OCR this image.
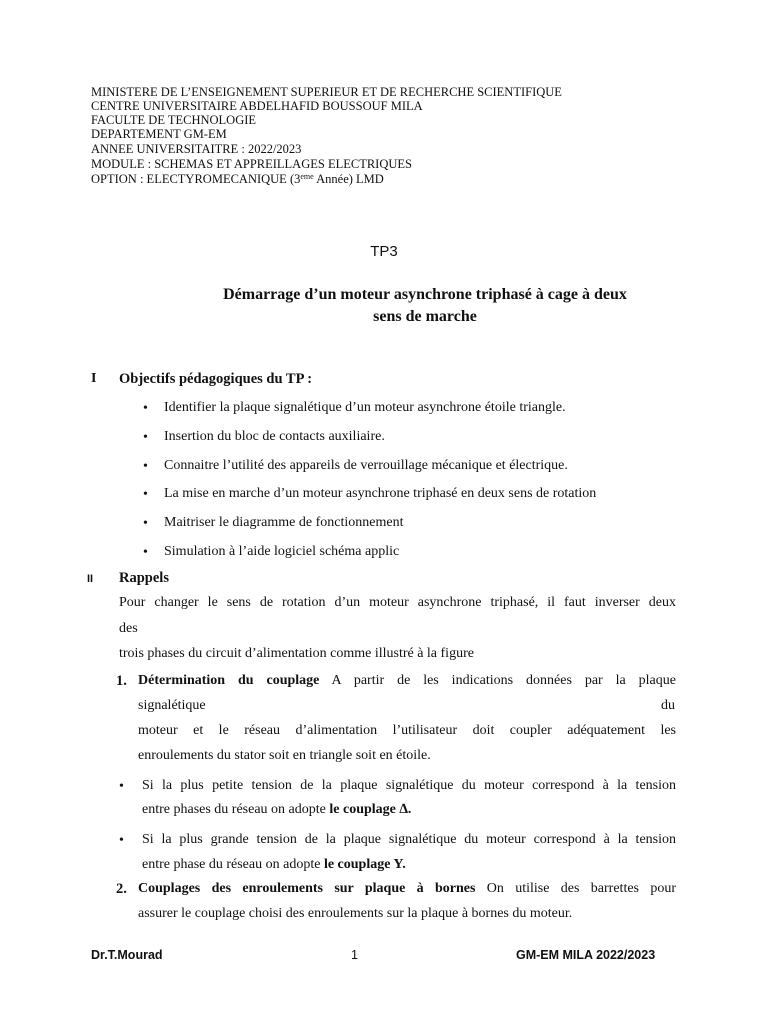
MINISTERE DE L’ENSEIGNEMENT SUPERIEUR ET DE RECHERCHE SCIENTIFIQUE
CENTRE UNIVERSITAIRE ABDELHAFID BOUSSOUF MILA
FACULTE DE TECHNOLOGIE
DEPARTEMENT GM-EM
ANNEE UNIVERSITAITRE : 2022/2023
MODULE : SCHEMAS ET APPREILLAGES ELECTRIQUES
OPTION : ELECTYROMECANIQUE (3eme Année) LMD
TP3
Démarrage d’un moteur asynchrone triphasé à cage à deux
sens de marche
I Objectifs pédagogiques du TP :
• Identifier la plaque signalétique d’un moteur asynchrone étoile triangle.
• Insertion du bloc de contacts auxiliaire.
• Connaitre l’utilité des appareils de verrouillage mécanique et électrique.
• La mise en marche d’un moteur asynchrone triphasé en deux sens de rotation
• Maitriser le diagramme de fonctionnement
• Simulation à l’aide logiciel schéma applic
II Rappels
Pour changer le sens de rotation d’un moteur asynchrone triphasé, il faut inverser deux
des
trois phases du circuit d’alimentation comme illustré à la figure
1. Détermination du couplage A partir de les indications données par la plaque
signalétique	du
moteur et le réseau d’alimentation l’utilisateur doit coupler adéquatement les
enroulements du stator soit en triangle soit en étoile.
• Si la plus petite tension de la plaque signalétique du moteur correspond à la tension
entre phases du réseau on adopte le couplage ∆.
• Si la plus grande tension de la plaque signalétique du moteur correspond à la tension
entre phase du réseau on adopte le couplage Y.
2. Couplages des enroulements sur plaque à bornes On utilise des barrettes pour
assurer le couplage choisi des enroulements sur la plaque à bornes du moteur.
Dr.T.Mourad	1	GM-EM MILA 2022/2023
